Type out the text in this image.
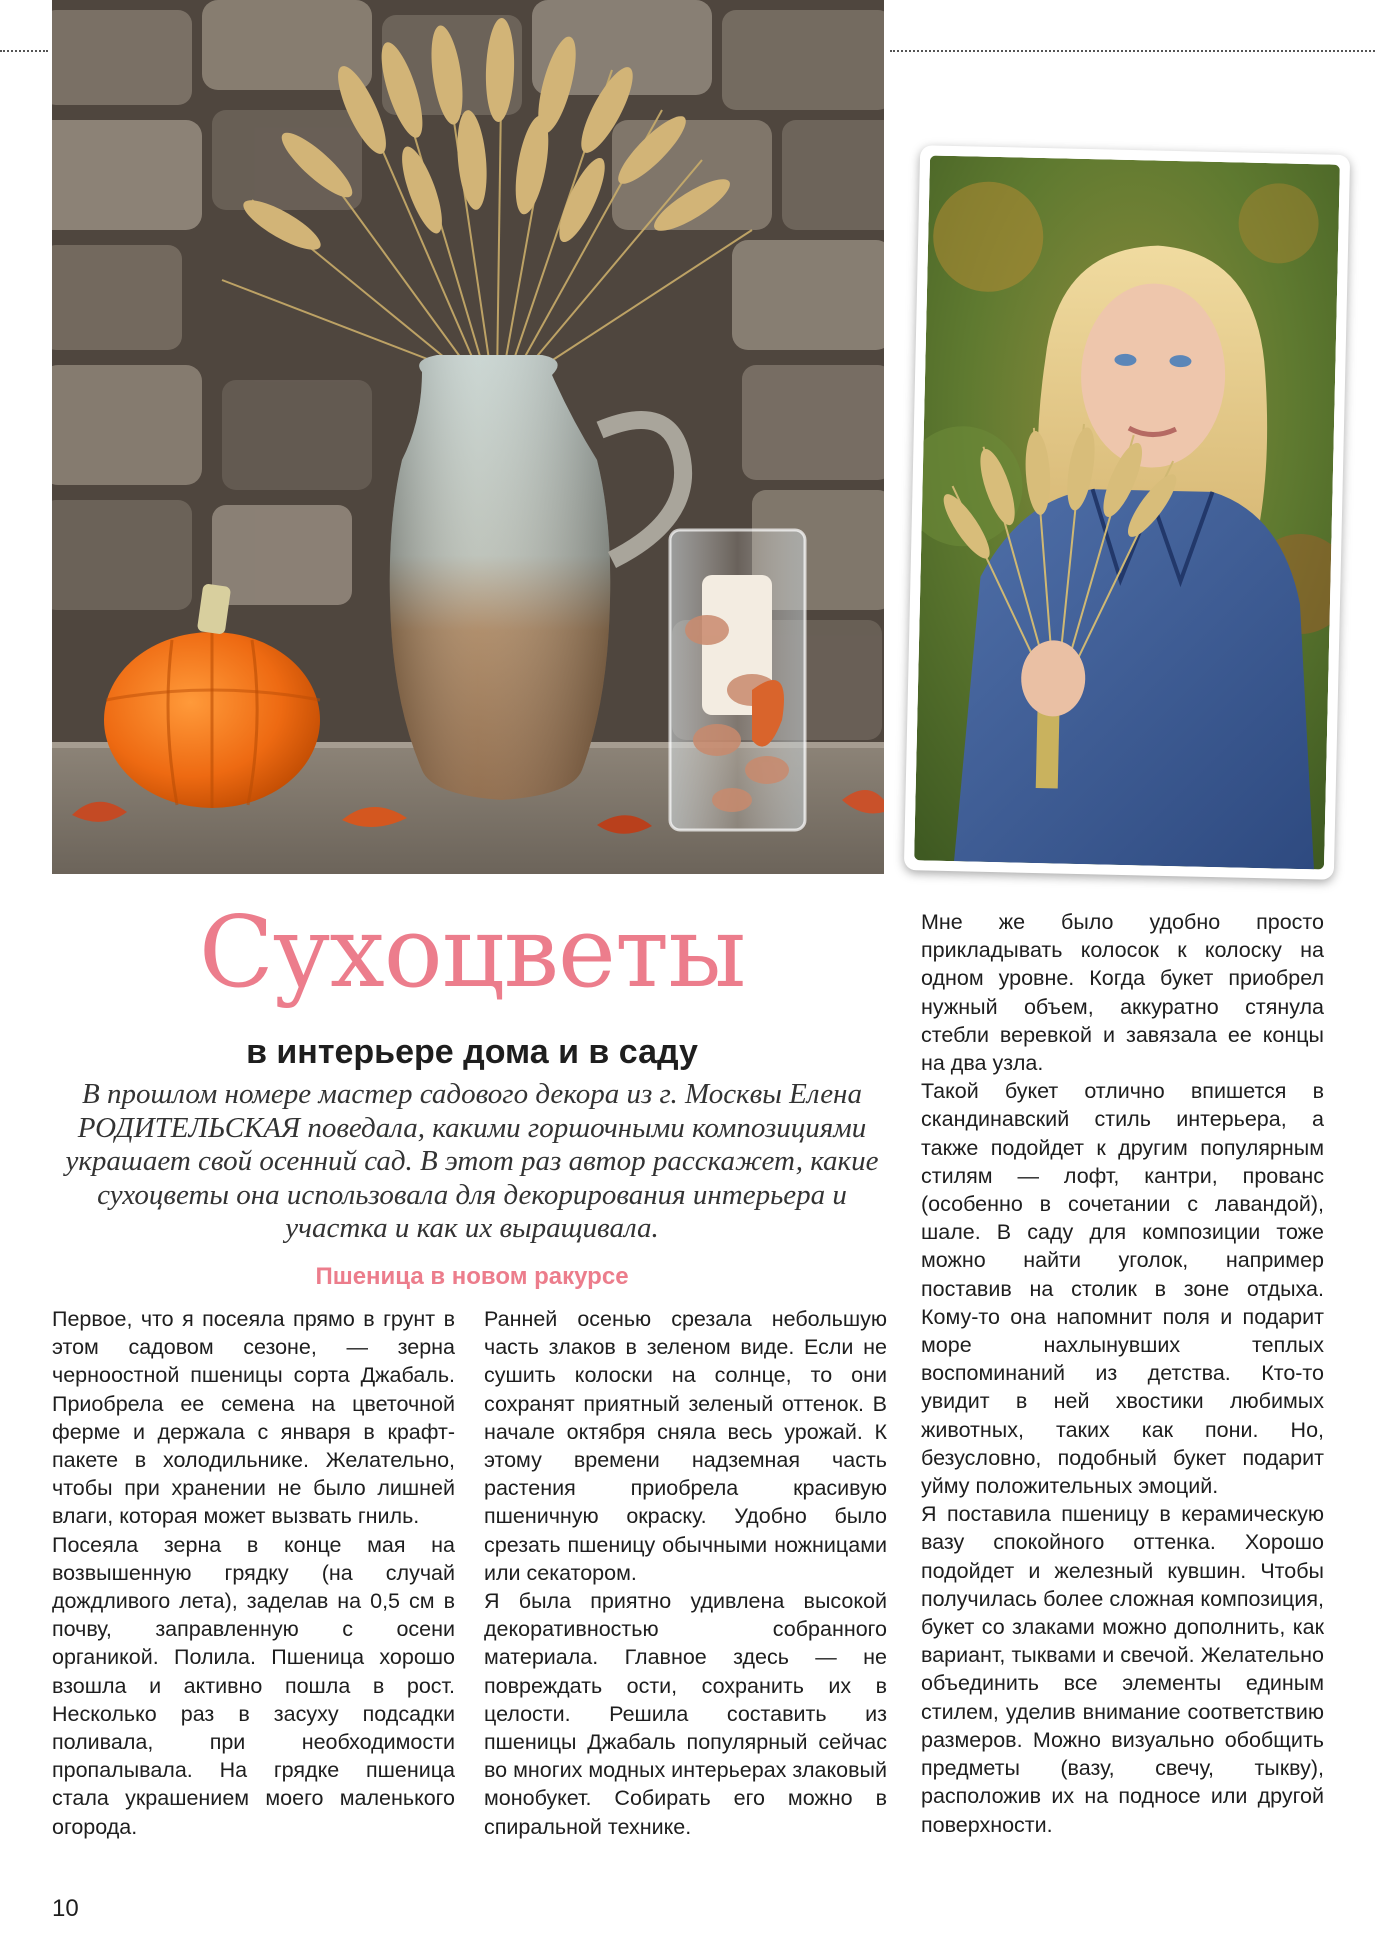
Сухоцветы
в интерьере дома и в саду

В прошлом номере мастер садового декора из г. Москвы Елена РОДИТЕЛЬСКАЯ поведала, какими горшочными композициями украшает свой осенний сад. В этот раз автор расскажет, какие сухоцветы она использовала для декорирования интерьера и участка и как их выращивала.

Пшеница в новом ракурсе

Первое, что я посеяла прямо в грунт в этом садовом сезоне, — зерна черноостной пшеницы сорта Джабаль. Приобрела ее семена на цветочной ферме и держала с января в крафт-пакете в холодильнике. Желательно, чтобы при хранении не было лишней влаги, которая может вызвать гниль.

Посеяла зерна в конце мая на возвышенную грядку (на случай дождливого лета), заделав на 0,5 см в почву, заправленную с осени органикой. Полила. Пшеница хорошо взошла и активно пошла в рост. Несколько раз в засуху подсадки поливала, при необходимости пропалывала. На грядке пшеница стала украшением моего маленького огорода.

Ранней осенью срезала небольшую часть злаков в зеленом виде. Если не сушить колоски на солнце, то они сохранят приятный зеленый оттенок. В начале октября сняла весь урожай. К этому времени надземная часть растения приобрела красивую пшеничную окраску. Удобно было срезать пшеницу обычными ножницами или секатором.

Я была приятно удивлена высокой декоративностью собранного материала. Главное здесь — не повреждать ости, сохранить их в целости. Решила составить из пшеницы Джабаль популярный сейчас во многих модных интерьерах злаковый монобукет. Собирать его можно в спиральной технике.

Мне же было удобно просто прикладывать колосок к колоску на одном уровне. Когда букет приобрел нужный объем, аккуратно стянула стебли веревкой и завязала ее концы на два узла.

Такой букет отлично впишется в скандинавский стиль интерьера, а также подойдет к другим популярным стилям — лофт, кантри, прованс (особенно в сочетании с лавандой), шале. В саду для композиции тоже можно найти уголок, например поставив на столик в зоне отдыха. Кому-то она напомнит поля и подарит море нахлынувших теплых воспоминаний из детства. Кто-то увидит в ней хвостики любимых животных, таких как пони. Но, безусловно, подобный букет подарит уйму положительных эмоций.

Я поставила пшеницу в керамическую вазу спокойного оттенка. Хорошо подойдет и железный кувшин. Чтобы получилась более сложная композиция, букет со злаками можно дополнить, как вариант, тыквами и свечой. Желательно объединить все элементы единым стилем, уделив внимание соответствию размеров. Можно визуально обобщить предметы (вазу, свечу, тыкву), расположив их на подносе или другой поверхности.

10
